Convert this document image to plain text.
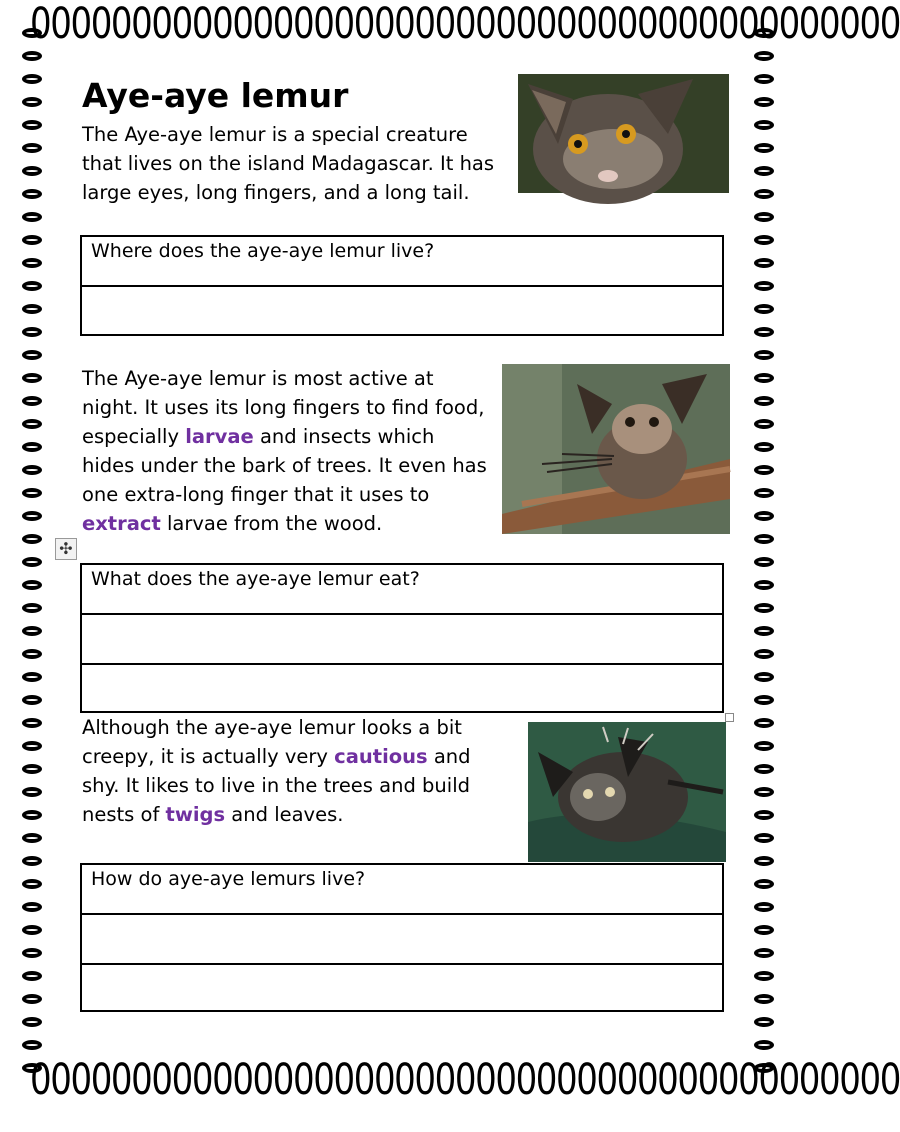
0000000000000000000000000000000000000000000
0000000000000000000000000000000000000000000
Aye-aye lemur

The Aye-aye lemur is a special creature that lives on the island Madagascar. It has large eyes, long fingers, and a long tail.

Where does the aye-aye lemur live?

The Aye-aye lemur is most active at night. It uses its long fingers to find food, especially larvae and insects which hides under the bark of trees. It even has one extra-long finger that it uses to extract larvae from the wood.

✣
What does the aye-aye lemur eat?

Although the aye-aye lemur looks a bit creepy, it is actually very cautious and shy. It likes to live in the trees and build nests of twigs and leaves.

How do aye-aye lemurs live?
